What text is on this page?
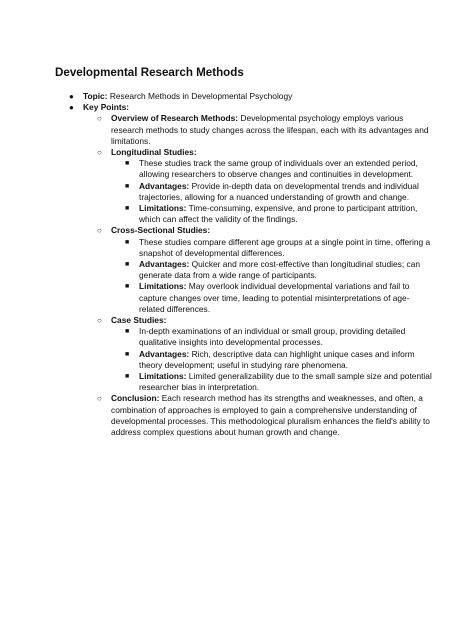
Developmental Research Methods
● Topic: Research Methods in Developmental Psychology
● Key Points:
○ Overview of Research Methods: Developmental psychology employs various research methods to study changes across the lifespan, each with its advantages and limitations.
○ Longitudinal Studies:
■ These studies track the same group of individuals over an extended period, allowing researchers to observe changes and continuities in development.
■ Advantages: Provide in-depth data on developmental trends and individual trajectories, allowing for a nuanced understanding of growth and change.
■ Limitations: Time-consuming, expensive, and prone to participant attrition, which can affect the validity of the findings.
○ Cross-Sectional Studies:
■ These studies compare different age groups at a single point in time, offering a snapshot of developmental differences.
■ Advantages: Quicker and more cost-effective than longitudinal studies; can generate data from a wide range of participants.
■ Limitations: May overlook individual developmental variations and fail to capture changes over time, leading to potential misinterpretations of age-related differences.
○ Case Studies:
■ In-depth examinations of an individual or small group, providing detailed qualitative insights into developmental processes.
■ Advantages: Rich, descriptive data can highlight unique cases and inform theory development; useful in studying rare phenomena.
■ Limitations: Limited generalizability due to the small sample size and potential researcher bias in interpretation.
○ Conclusion: Each research method has its strengths and weaknesses, and often, a combination of approaches is employed to gain a comprehensive understanding of developmental processes. This methodological pluralism enhances the field's ability to address complex questions about human growth and change.
